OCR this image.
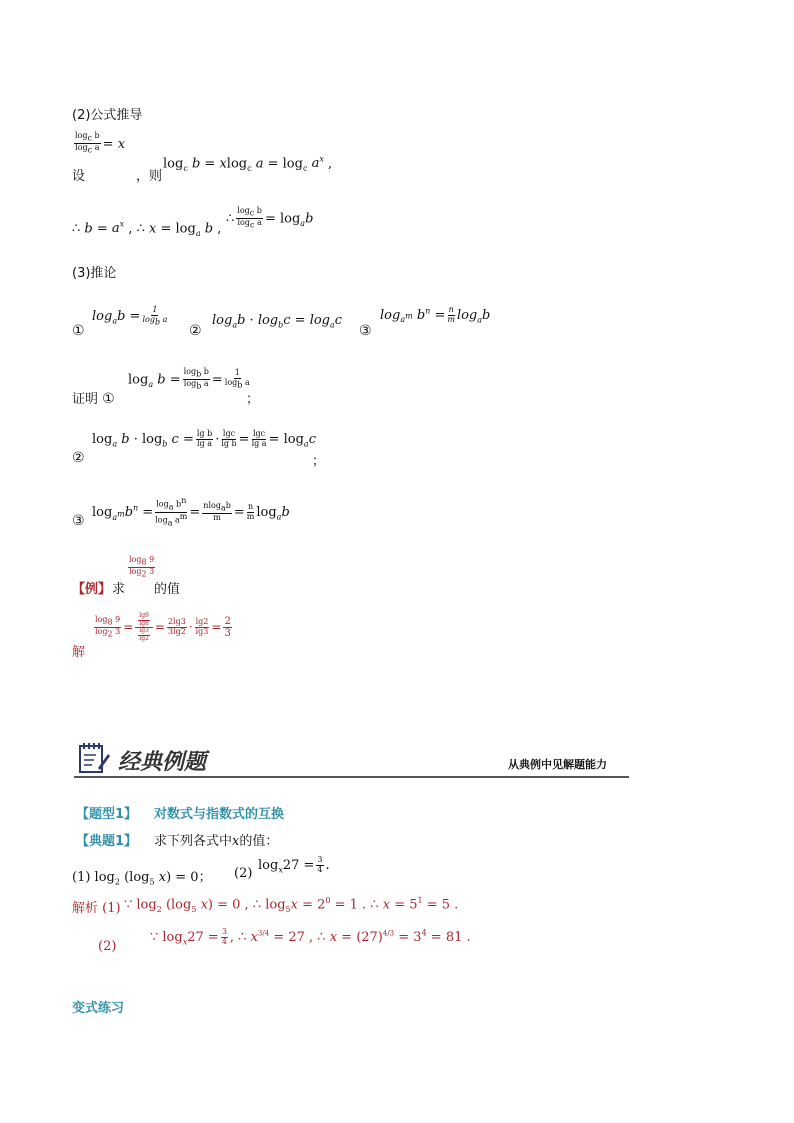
(2)公式推导
$\frac{\log_c b}{\log_c a} ^{= x}$
设	，则
$\log_c b = xlog_c$ $a = \log_c a^x$ ,
∴ $b = a^x$ , ∴ $x = \log_a b$ ,
∴ $\frac{\log_c b}{\log_c a} = \log_ab$
(3)推论
$\log_ab = \frac{1}{\log_b a}$
①	②
$\log_ab \cdot \log_bc = \log_ac$
③
$\log_{a^m} b^n = \frac{n}{m} \log_ab$
$\log_a b = \frac{\log_b b}{\log_b a} = \frac{1}{\log_b a}$
证明 ①	；
$\log_a b \cdot \log_b c = \frac{\text{lg b}}{\text{lg a}} \cdot \frac{\lg c}{\text{lg b}} = \frac{\lg c}{\text{lg a}} = \log_ac$
②	；
$\log_{a^m}b^n = \frac{\log_a b^n}{\log_a a^m} = \frac{nlog_ab}{m} = \frac{n}{m} \log_ab$
③
$\frac{\log_8 9}{\log_2 3}$
【例】 求 的值
$\frac{\log_8 9}{\log_2 3} = \frac{\frac{\lg 9}{\lg 8}}{\frac{\lg 3}{\lg 2}} = \frac{2\lg 3}{3\lg 2} \cdot \frac{\lg 2}{\lg 3} = \frac{2}{3}$
解
经典例题	从典例中见解题能力
【题型1】 对数式与指数式的互换
【典题1】 求下列各式中x的值：
(1) $\log_2 (\log_5$ x) = 0； (2)
$\log_x27 = \frac{3}{4}$ .
解析 (1) ∵ $\log_2 (\log_5$ x) = 0 , ∴ $\log_5x = 2^0 = 1$ . ∴ $x = 5^1 = 5$ .
(2)
∵ $\log_x27 = \frac{3}{4}$ , ∴ $x^{3/4} = 27$ , ∴ $x = (27)^{4/3} = 3^4 = 81$ .
变式练习
